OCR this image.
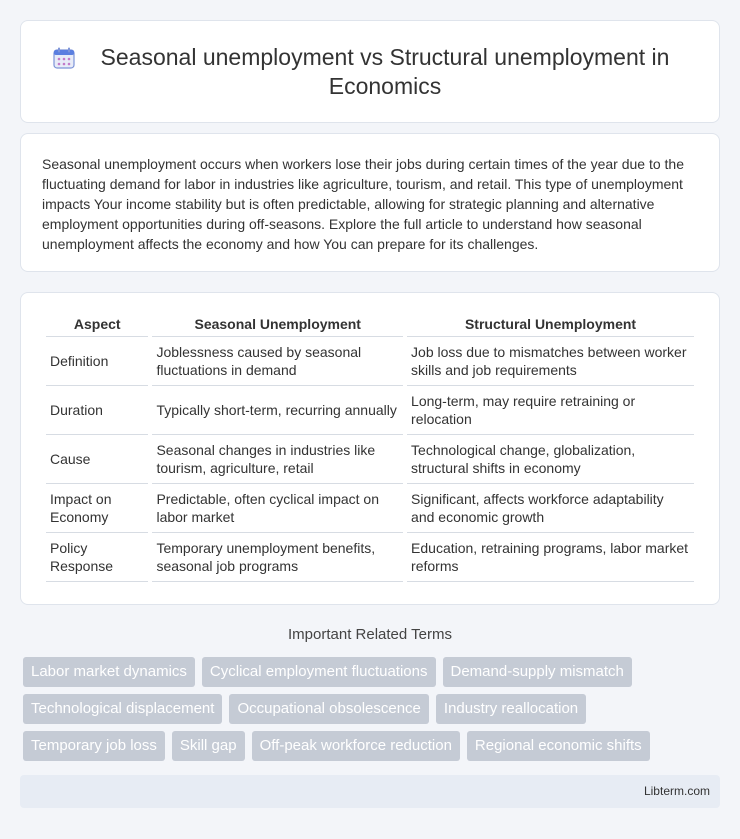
Seasonal unemployment vs Structural unemployment in Economics

Seasonal unemployment occurs when workers lose their jobs during certain times of the year due to the fluctuating demand for labor in industries like agriculture, tourism, and retail. This type of unemployment impacts Your income stability but is often predictable, allowing for strategic planning and alternative employment opportunities during off-seasons. Explore the full article to understand how seasonal unemployment affects the economy and how You can prepare for its challenges.

Aspect	Seasonal Unemployment	Structural Unemployment
Definition	Joblessness caused by seasonal fluctuations in demand	Job loss due to mismatches between worker skills and job requirements
Duration	Typically short-term, recurring annually	Long-term, may require retraining or relocation
Cause	Seasonal changes in industries like tourism, agriculture, retail	Technological change, globalization, structural shifts in economy
Impact on Economy	Predictable, often cyclical impact on labor market	Significant, affects workforce adaptability and economic growth
Policy Response	Temporary unemployment benefits, seasonal job programs	Education, retraining programs, labor market reforms
Important Related Terms
Labor market dynamics	Cyclical employment fluctuations	Demand-supply mismatch
Technological displacement	Occupational obsolescence	Industry reallocation
Temporary job loss	Skill gap	Off-peak workforce reduction	Regional economic shifts
Libterm.com
